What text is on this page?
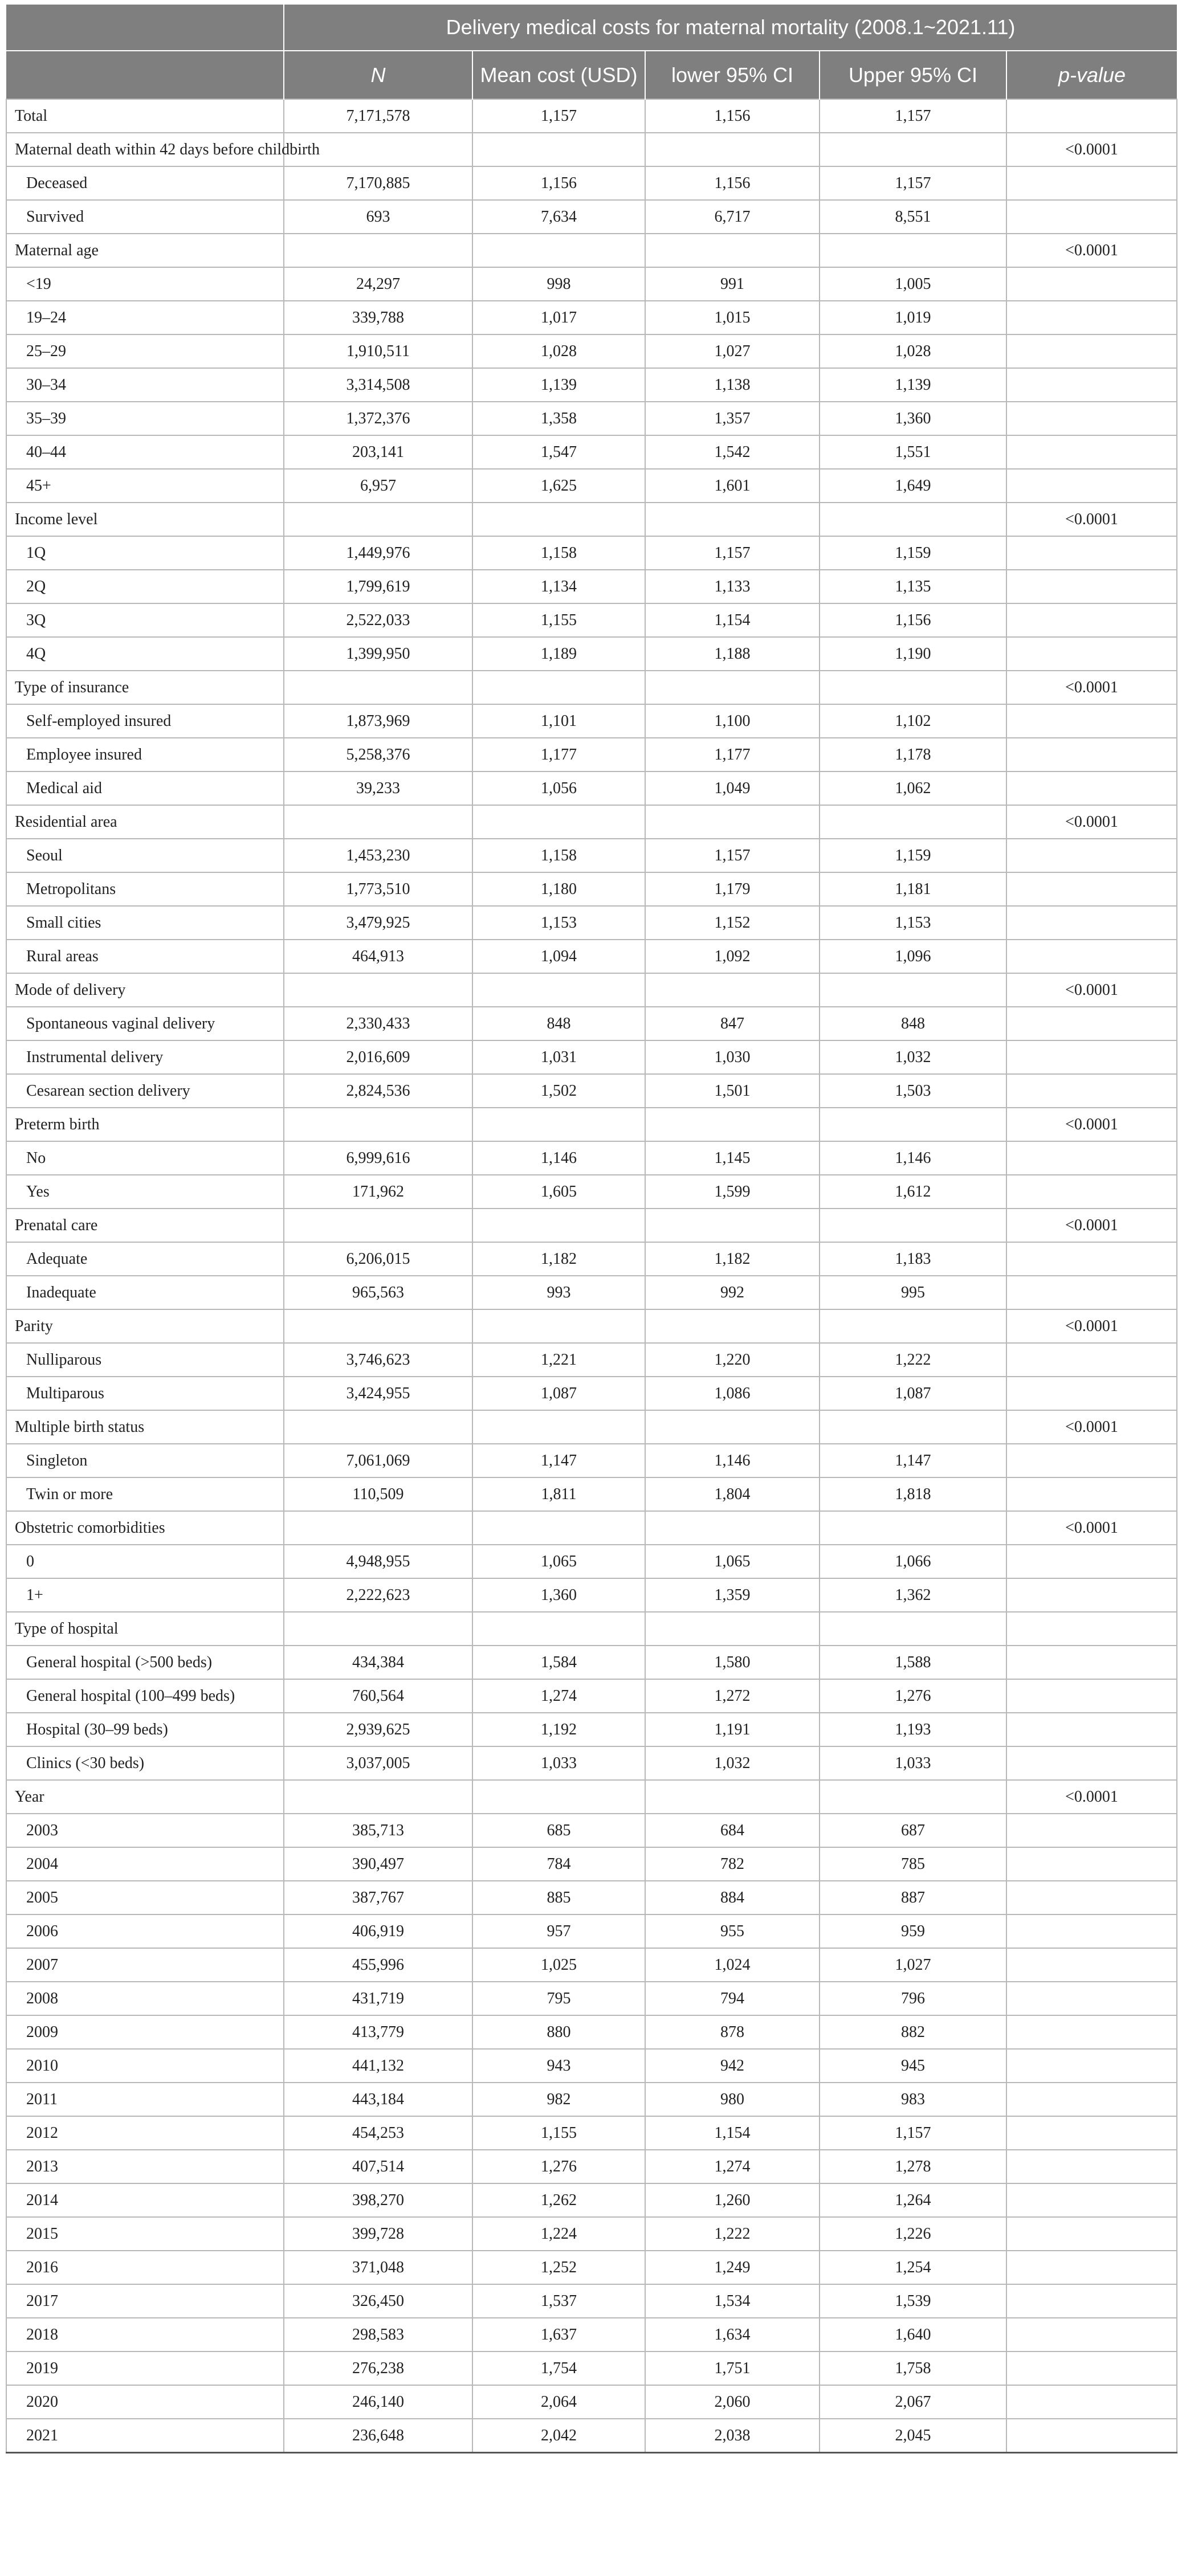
	Delivery medical costs for maternal mortality (2008.1~2021.11)				
	N	Mean cost (USD)	lower 95% CI	Upper 95% CI	p-value
Total	7,171,578	1,157	1,156	1,157	
Maternal death within 42 days before childbirth					<0.0001
Deceased	7,170,885	1,156	1,156	1,157	
Survived	693	7,634	6,717	8,551	
Maternal age					<0.0001
<19	24,297	998	991	1,005	
19–24	339,788	1,017	1,015	1,019	
25–29	1,910,511	1,028	1,027	1,028	
30–34	3,314,508	1,139	1,138	1,139	
35–39	1,372,376	1,358	1,357	1,360	
40–44	203,141	1,547	1,542	1,551	
45+	6,957	1,625	1,601	1,649	
Income level					<0.0001
1Q	1,449,976	1,158	1,157	1,159	
2Q	1,799,619	1,134	1,133	1,135	
3Q	2,522,033	1,155	1,154	1,156	
4Q	1,399,950	1,189	1,188	1,190	
Type of insurance					<0.0001
Self-employed insured	1,873,969	1,101	1,100	1,102	
Employee insured	5,258,376	1,177	1,177	1,178	
Medical aid	39,233	1,056	1,049	1,062	
Residential area					<0.0001
Seoul	1,453,230	1,158	1,157	1,159	
Metropolitans	1,773,510	1,180	1,179	1,181	
Small cities	3,479,925	1,153	1,152	1,153	
Rural areas	464,913	1,094	1,092	1,096	
Mode of delivery					<0.0001
Spontaneous vaginal delivery	2,330,433	848	847	848	
Instrumental delivery	2,016,609	1,031	1,030	1,032	
Cesarean section delivery	2,824,536	1,502	1,501	1,503	
Preterm birth					<0.0001
No	6,999,616	1,146	1,145	1,146	
Yes	171,962	1,605	1,599	1,612	
Prenatal care					<0.0001
Adequate	6,206,015	1,182	1,182	1,183	
Inadequate	965,563	993	992	995	
Parity					<0.0001
Nulliparous	3,746,623	1,221	1,220	1,222	
Multiparous	3,424,955	1,087	1,086	1,087	
Multiple birth status					<0.0001
Singleton	7,061,069	1,147	1,146	1,147	
Twin or more	110,509	1,811	1,804	1,818	
Obstetric comorbidities					<0.0001
0	4,948,955	1,065	1,065	1,066	
1+	2,222,623	1,360	1,359	1,362	
Type of hospital					
General hospital (>500 beds)	434,384	1,584	1,580	1,588	
General hospital (100–499 beds)	760,564	1,274	1,272	1,276	
Hospital (30–99 beds)	2,939,625	1,192	1,191	1,193	
Clinics (<30 beds)	3,037,005	1,033	1,032	1,033	
Year					<0.0001
2003	385,713	685	684	687	
2004	390,497	784	782	785	
2005	387,767	885	884	887	
2006	406,919	957	955	959	
2007	455,996	1,025	1,024	1,027	
2008	431,719	795	794	796	
2009	413,779	880	878	882	
2010	441,132	943	942	945	
2011	443,184	982	980	983	
2012	454,253	1,155	1,154	1,157	
2013	407,514	1,276	1,274	1,278	
2014	398,270	1,262	1,260	1,264	
2015	399,728	1,224	1,222	1,226	
2016	371,048	1,252	1,249	1,254	
2017	326,450	1,537	1,534	1,539	
2018	298,583	1,637	1,634	1,640	
2019	276,238	1,754	1,751	1,758	
2020	246,140	2,064	2,060	2,067	
2021	236,648	2,042	2,038	2,045	
